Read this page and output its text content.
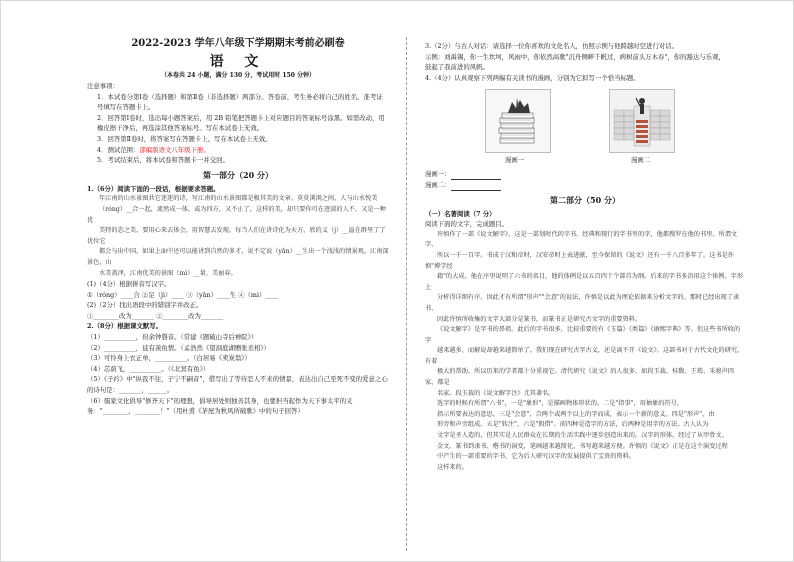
2022-2023 学年八年级下学期期末考前必刷卷
语 文
（本卷共 24 小题，满分 130 分，考试用时 150 分钟）

注意事项：

1．本试卷分第Ⅰ卷（选择题）和第Ⅱ卷（非选择题）两部分。答卷前，考生务必将自己的姓名、准考证号填写在答题卡上。

2．回答第Ⅰ卷时，选出每小题答案后，用 2B 铅笔把答题卡上对应题目的答案标号涂黑。如需改动，用橡皮擦干净后，再选涂其他答案标号。写在本试卷上无效。

3．回答第Ⅱ卷时，将答案写在答题卡上。写在本试卷上无效。

4．测试范围：部编版语文八年级下册。

5．考试结束后，将本试卷和答题卡一并交回。

第一部分（20 分）

1.（6分）阅读下面的一段话，根据要求答题。

年江南的山水景图共它迷迷的诗，写江南的山水景图都是极其美的文章。莫莫浏浏之间，人与山水悦美

（róng）__合一起，流然成一体，或为四方，又不止了，这样的美，却只要你可在迹淡的人不，又是一种优

美特的态之美，要用心来去体会，用智慧去发现。每当人们在讲诗化为天方，欣的义（j）__溢在群里了了优位它

都会与出中国，如果上面中还可以能讲到自然的多才，说不定说（yǎn）__生出一个浅浅的情景观。江南深景色，山

水美盖泽，江南优美的景图（mì）__量，美丽春。

(1)（4分）根据拼音写汉字。

①（róng）____合 ②足（jì）____ ③（yǎn）____生 ④（mì）____

(2)（2分）找出语段中的错别字并改正。

①________改为_______ ②________改为_______

2.（8分）根据课文默写。

（1）__________，但余钟磬音。（常建《题破山寺后禅院》）

（2）__________，徒有羡鱼情。（孟浩然《望洞庭湖赠张丞相》）

（3）可怜身上衣正单，__________。（白居易《卖炭翁》）

（4）芯荫飞，__________。（《北冥有鱼》）

（5）《子衿》中"纵我不往，子宁不嗣音"，借写出了等待恋人不来的情景，表达出自己至死不变的爱意之心的诗句是：_______，______。

（6）儒家文化倡导"修齐天下"的理想，倡导居处则独善其身，也要担当起作为天下事太平的义务："________，________！"（用杜甫《茅屋为秋风所破歌》中的句子回答）

3.（2分）与古人对话：请选择一位你喜欢的文化名人，仿照示例与他跨越时空进行对话。

示例：刘禹锡，你一生坎坷，风雨中，你依然高歌"沉舟侧畔千帆过，病树前头万木春"，你的豁达与乐观，

鼓起了我前进的风帆。

4.（4分）认真观察下列两幅有关读书的漫画，分别为它拟写一个恰当标题。

漫画一	漫画二

漫画一：

漫画二：

第二部分（50 分）

（一）名著阅读（7 分）

阅读下面的文字，完成题目。

许慎作了一部《说文解字》。这是一部划时代的字书。经典和现行的字书里的字，他都搜罗在他的书里。所谓文字，

所以一千一百字。书成于汉和帝时，汉安帝时上表进献，至今保留的《说文》还有一千八百多年了。这书是许慎"博学经

籍"的大成。他在序里说明了六书的名目，他的体例是以五百四十个部首为纲。后来的字书多沿用这个体例。字形上

分析得详细有序，因此才有所谓"形声""会意"的说法，许慎是以此为理论依据来分析文字的。那时已经出现了隶书，

因此许慎所收集的文字大部分是篆书，而篆书正是研究古文字的重要资料。

《说文解字》是字书的鼻祖。此后的字书很多，比较重要的有《玉篇》《类篇》《康熙字典》等。但这些书所收的字

越来越多，而解说却越来越简单了。我们现在研究古字古义，还是离不开《说文》。这部书对于古代文化的研究，有着

极大的帮助。所以历来的学者都十分重视它。清代研究《说文》的人很多，如段玉裁、桂馥、王筠、朱骏声四家，都是

名家。段玉裁的《说文解字注》尤其著名。

选字的时候有所谓"六书"，一是"象形"，是描画物体形状的。二是"指事"，用抽象的符号，

指示所要表达的意思。三是"会意"，合两个或两个以上的字而成，表示一个新的意义。四是"形声"，由

形旁和声旁组成。五是"转注"，六是"假借"。前四种是造字的方法，后两种是用字的方法。古人认为

文字是圣人造的，但其实是人民群众在长期的生活实践中逐步创造出来的。汉字的形体，经过了从甲骨文、

金文、篆书到隶书、楷书的演变，笔画越来越简化，书写越来越方便。许慎的《说文》正是在这个演变过程

中产生的一部重要的字书，它为后人研究汉字的发展提供了宝贵的资料。

这样来的。
